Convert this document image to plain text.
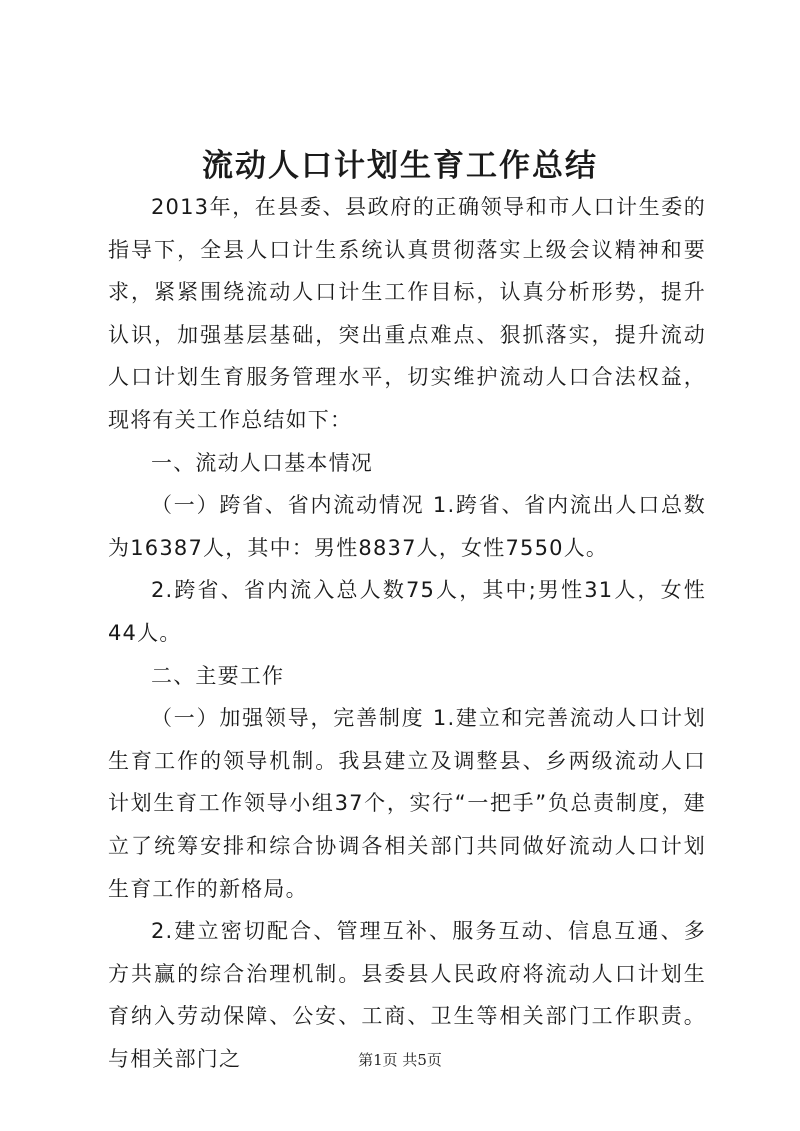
流动人口计划生育工作总结

2013年，在县委、县政府的正确领导和市人口计生委的指导下，全县人口计生系统认真贯彻落实上级会议精神和要求，紧紧围绕流动人口计生工作目标，认真分析形势，提升认识，加强基层基础，突出重点难点、狠抓落实，提升流动人口计划生育服务管理水平，切实维护流动人口合法权益，现将有关工作总结如下：

一、流动人口基本情况

（一）跨省、省内流动情况 1.跨省、省内流出人口总数为16387人，其中：男性8837人，女性7550人。

2.跨省、省内流入总人数75人，其中;男性31人，女性44人。

二、主要工作

（一）加强领导，完善制度 1.建立和完善流动人口计划生育工作的领导机制。我县建立及调整县、乡两级流动人口计划生育工作领导小组37个，实行“一把手”负总责制度，建立了统筹安排和综合协调各相关部门共同做好流动人口计划生育工作的新格局。

2.建立密切配合、管理互补、服务互动、信息互通、多方共赢的综合治理机制。县委县人民政府将流动人口计划生育纳入劳动保障、公安、工商、卫生等相关部门工作职责。与相关部门之	第1页 共5页
